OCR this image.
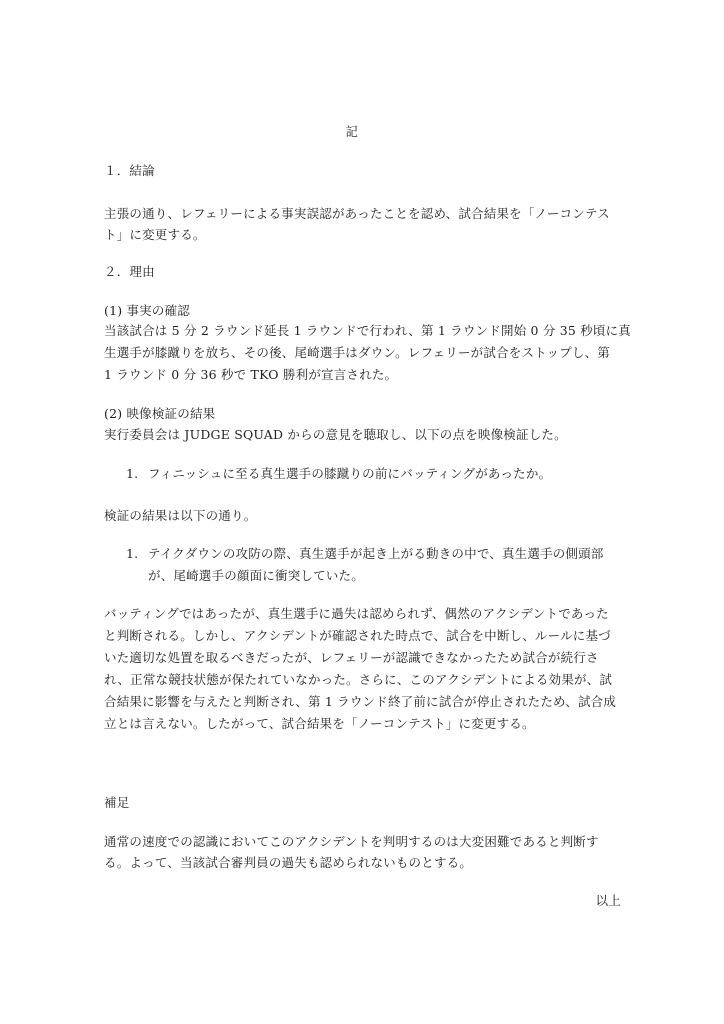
記
１．結論
主張の通り、レフェリーによる事実誤認があったことを認め、試合結果を「ノーコンテス
ト」に変更する。
２．理由
(1) 事実の確認
当該試合は 5 分 2 ラウンド延長 1 ラウンドで行われ、第 1 ラウンド開始 0 分 35 秒頃に真
生選手が膝蹴りを放ち、その後、尾崎選手はダウン。レフェリーが試合をストップし、第
1 ラウンド 0 分 36 秒で TKO 勝利が宣言された。
(2) 映像検証の結果
実行委員会は JUDGE SQUAD からの意見を聴取し、以下の点を映像検証した。
1. フィニッシュに至る真生選手の膝蹴りの前にバッティングがあったか。
検証の結果は以下の通り。
1. テイクダウンの攻防の際、真生選手が起き上がる動きの中で、真生選手の側頭部
が、尾崎選手の顔面に衝突していた。
バッティングではあったが、真生選手に過失は認められず、偶然のアクシデントであった
と判断される。しかし、アクシデントが確認された時点で、試合を中断し、ルールに基づ
いた適切な処置を取るべきだったが、レフェリーが認識できなかったため試合が続行さ
れ、正常な競技状態が保たれていなかった。さらに、このアクシデントによる効果が、試
合結果に影響を与えたと判断され、第 1 ラウンド終了前に試合が停止されたため、試合成
立とは言えない。したがって、試合結果を「ノーコンテスト」に変更する。
補足
通常の速度での認識においてこのアクシデントを判明するのは大変困難であると判断す
る。よって、当該試合審判員の過失も認められないものとする。
以上
